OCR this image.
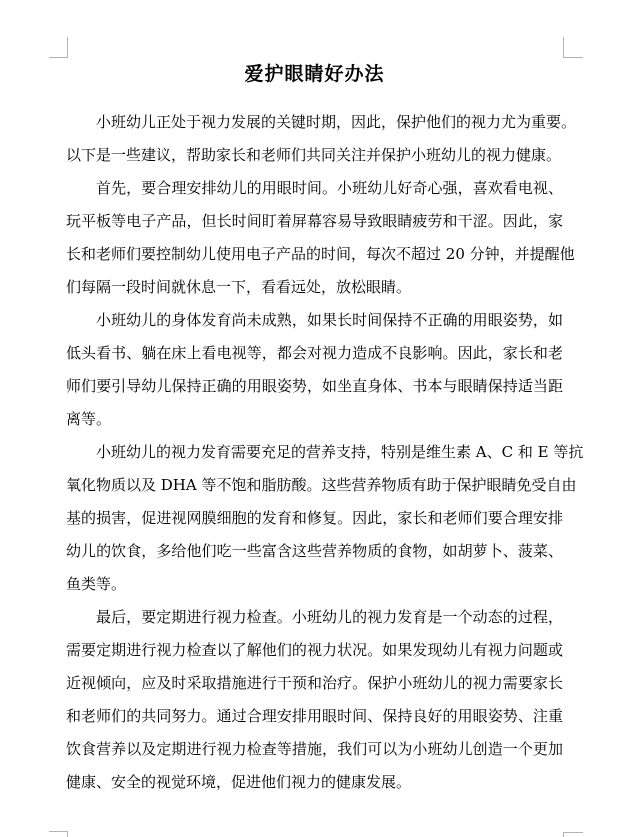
爱护眼睛好办法
小班幼儿正处于视力发展的关键时期，因此，保护他们的视力尤为重要。
以下是一些建议，帮助家长和老师们共同关注并保护小班幼儿的视力健康。
首先，要合理安排幼儿的用眼时间。小班幼儿好奇心强，喜欢看电视、
玩平板等电子产品，但长时间盯着屏幕容易导致眼睛疲劳和干涩。因此，家
长和老师们要控制幼儿使用电子产品的时间，每次不超过 20 分钟，并提醒他
们每隔一段时间就休息一下，看看远处，放松眼睛。
小班幼儿的身体发育尚未成熟，如果长时间保持不正确的用眼姿势，如
低头看书、躺在床上看电视等，都会对视力造成不良影响。因此，家长和老
师们要引导幼儿保持正确的用眼姿势，如坐直身体、书本与眼睛保持适当距
离等。
小班幼儿的视力发育需要充足的营养支持，特别是维生素 A、C 和 E 等抗
氧化物质以及 DHA 等不饱和脂肪酸。这些营养物质有助于保护眼睛免受自由
基的损害，促进视网膜细胞的发育和修复。因此，家长和老师们要合理安排
幼儿的饮食，多给他们吃一些富含这些营养物质的食物，如胡萝卜、菠菜、
鱼类等。
最后，要定期进行视力检查。小班幼儿的视力发育是一个动态的过程，
需要定期进行视力检查以了解他们的视力状况。如果发现幼儿有视力问题或
近视倾向，应及时采取措施进行干预和治疗。保护小班幼儿的视力需要家长
和老师们的共同努力。通过合理安排用眼时间、保持良好的用眼姿势、注重
饮食营养以及定期进行视力检查等措施，我们可以为小班幼儿创造一个更加
健康、安全的视觉环境，促进他们视力的健康发展。
